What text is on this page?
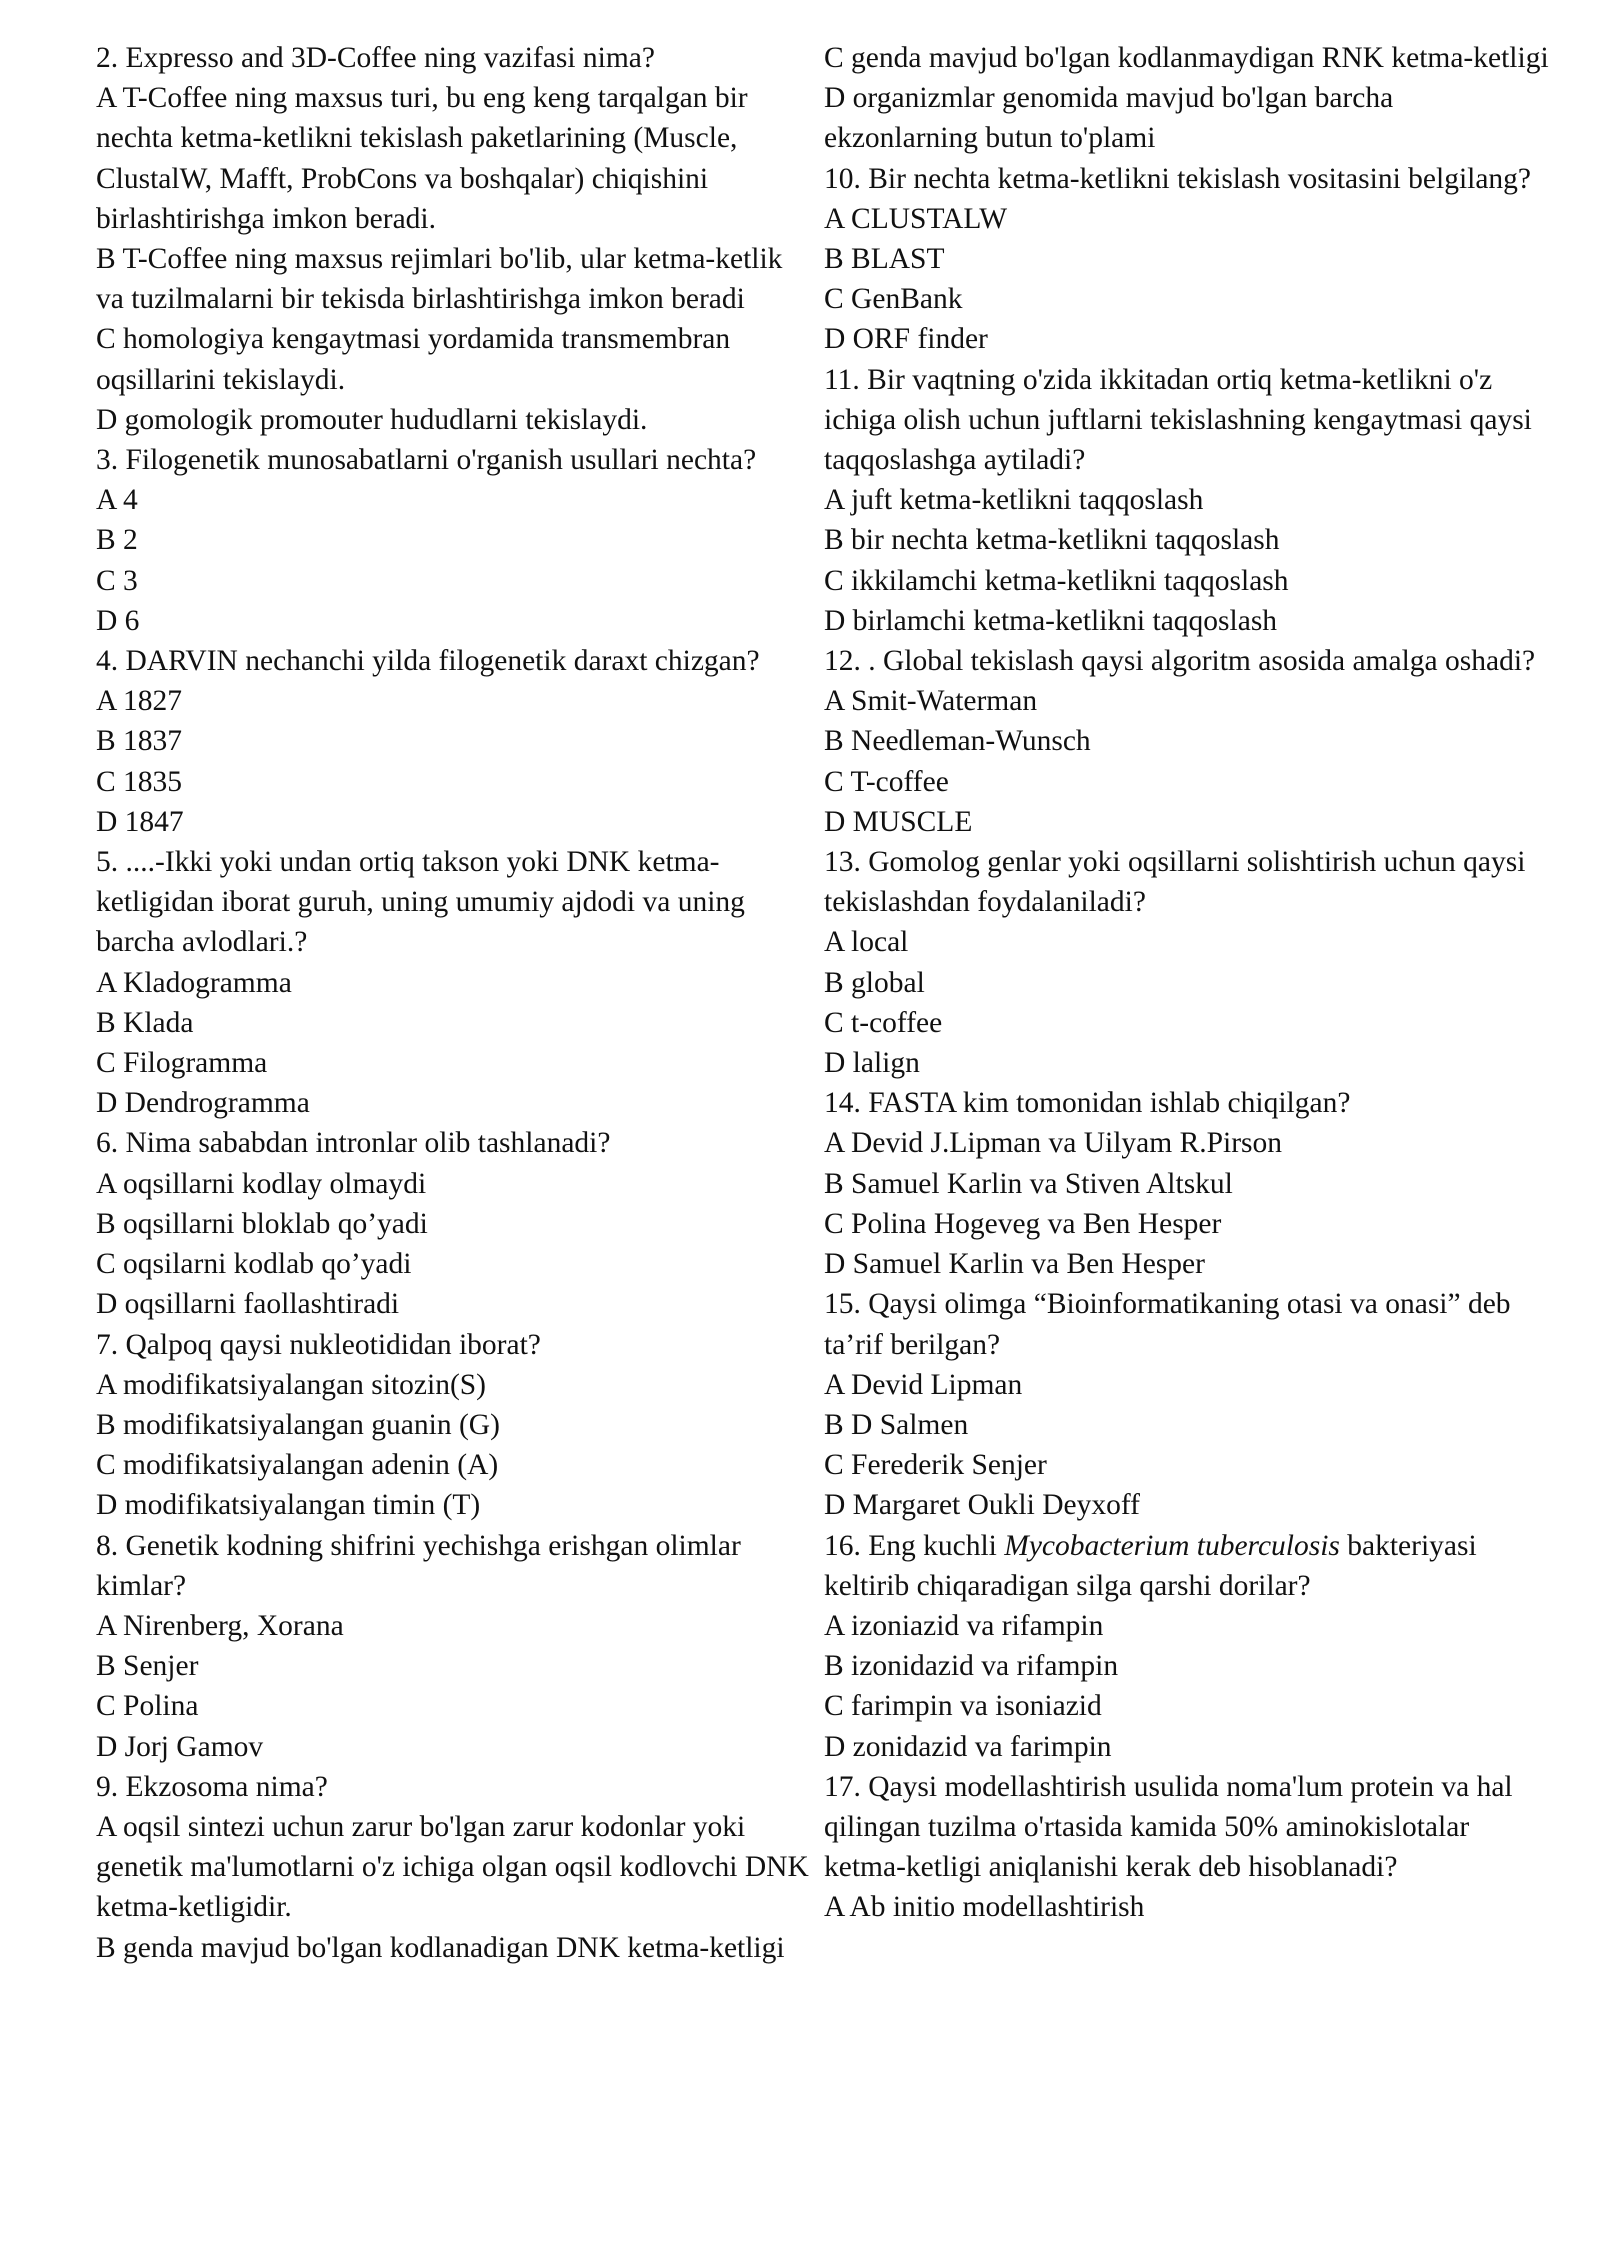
2. Expresso and 3D-Coffee ning vazifasi nima?
A T-Coffee ning maxsus turi, bu eng keng tarqalgan bir nechta ketma-ketlikni tekislash paketlarining (Muscle, ClustalW, Mafft, ProbCons va boshqalar) chiqishini birlashtirishga imkon beradi.
B T-Coffee ning maxsus rejimlari bo'lib, ular ketma-ketlik va tuzilmalarni bir tekisda birlashtirishga imkon beradi
C homologiya kengaytmasi yordamida transmembran oqsillarini tekislaydi.
D gomologik promouter hududlarni tekislaydi.
3. Filogenetik munosabatlarni o'rganish usullari nechta?
A 4
B 2
C 3
D 6
4. DARVIN nechanchi yilda filogenetik daraxt chizgan?
A 1827
B 1837
C 1835
D 1847
5. ....-Ikki yoki undan ortiq takson yoki DNK ketma-ketligidan iborat guruh, uning umumiy ajdodi va uning barcha avlodlari.?
A Kladogramma
B Klada
C Filogramma
D Dendrogramma
6. Nima sababdan intronlar olib tashlanadi?
A oqsillarni kodlay olmaydi
B oqsillarni bloklab qo’yadi
C oqsilarni kodlab qo’yadi
D oqsillarni faollashtiradi
7. Qalpoq qaysi nukleotididan iborat?
A modifikatsiyalangan sitozin(S)
B modifikatsiyalangan guanin (G)
C modifikatsiyalangan adenin (A)
D modifikatsiyalangan timin (T)
8. Genetik kodning shifrini yechishga erishgan olimlar kimlar?
A Nirenberg, Xorana
B Senjer
C Polina
D Jorj Gamov
9. Ekzosoma nima?
A oqsil sintezi uchun zarur bo'lgan zarur kodonlar yoki genetik ma'lumotlarni o'z ichiga olgan oqsil kodlovchi DNK ketma-ketligidir.
B genda mavjud bo'lgan kodlanadigan DNK ketma-ketligi
C genda mavjud bo'lgan kodlanmaydigan RNK ketma-ketligi
D organizmlar genomida mavjud bo'lgan barcha ekzonlarning butun to'plami
10. Bir nechta ketma-ketlikni tekislash vositasini belgilang?
A CLUSTALW
B BLAST
C GenBank
D ORF finder
11. Bir vaqtning o'zida ikkitadan ortiq ketma-ketlikni o'z ichiga olish uchun juftlarni tekislashning kengaytmasi qaysi taqqoslashga aytiladi?
A juft ketma-ketlikni taqqoslash
B bir nechta ketma-ketlikni taqqoslash
C ikkilamchi ketma-ketlikni taqqoslash
D birlamchi ketma-ketlikni taqqoslash
12. . Global tekislash qaysi algoritm asosida amalga oshadi?
A Smit-Waterman
B Needleman-Wunsch
C T-coffee
D MUSCLE
13. Gomolog genlar yoki oqsillarni solishtirish uchun qaysi tekislashdan foydalaniladi?
A local
B global
C t-coffee
D lalign
14. FASTA kim tomonidan ishlab chiqilgan?
A Devid J.Lipman va Uilyam R.Pirson
B Samuel Karlin va Stiven Altskul
C Polina Hogeveg va Ben Hesper
D Samuel Karlin va Ben Hesper
15. Qaysi olimga “Bioinformatikaning otasi va onasi” deb ta’rif berilgan?
A Devid Lipman
B D Salmen
C Ferederik Senjer
D Margaret Oukli Deyxoff
16. Eng kuchli Mycobacterium tuberculosis bakteriyasi keltirib chiqaradigan silga qarshi dorilar?
A izoniazid va rifampin
B izonidazid va rifampin
C farimpin va isoniazid
D zonidazid va farimpin
17. Qaysi modellashtirish usulida noma'lum protein va hal qilingan tuzilma o'rtasida kamida 50% aminokislotalar ketma-ketligi aniqlanishi kerak deb hisoblanadi?
A Ab initio modellashtirish
